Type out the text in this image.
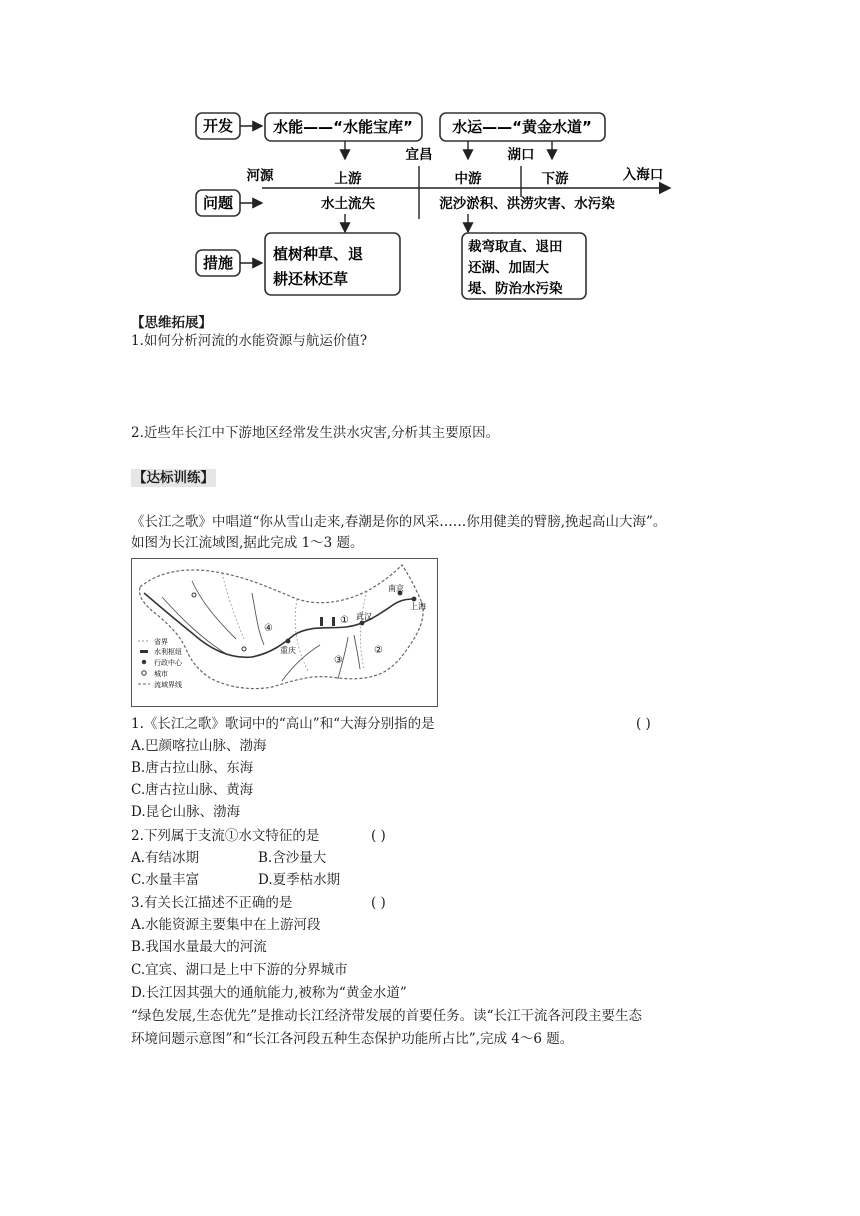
开发
问题
措施
水能——“水能宝库”	水运——“黄金水道”
宜昌	湖口
河源	入海口
上游	中游	下游
水土流失	泥沙淤积、洪涝灾害、水污染
植树种草、退
耕还林还草
裁弯取直、退田
还湖、加固大
堤、防治水污染
【思维拓展】
1.如何分析河流的水能资源与航运价值?
2.近些年长江中下游地区经常发生洪水灾害,分析其主要原因。
【达标训练】
《长江之歌》中唱道“你从雪山走来,春潮是你的风采……你用健美的臂膀,挽起高山大海”。
如图为长江流域图,据此完成 1～3 题。
南京
上海
武汉
重庆
①
②
③
④
省界
水利枢纽
行政中心
城市
流域界线
1.《长江之歌》歌词中的“高山”和“大海分别指的是	( )
A.巴颜喀拉山脉、渤海
B.唐古拉山脉、东海
C.唐古拉山脉、黄海
D.昆仑山脉、渤海
2.下列属于支流①水文特征的是	( )
A.有结冰期	B.含沙量大
C.水量丰富	D.夏季枯水期
3.有关长江描述不正确的是	( )
A.水能资源主要集中在上游河段
B.我国水量最大的河流
C.宜宾、湖口是上中下游的分界城市
D.长江因其强大的通航能力,被称为“黄金水道”
“绿色发展,生态优先”是推动长江经济带发展的首要任务。读“长江干流各河段主要生态
环境问题示意图”和“长江各河段五种生态保护功能所占比”,完成 4～6 题。
